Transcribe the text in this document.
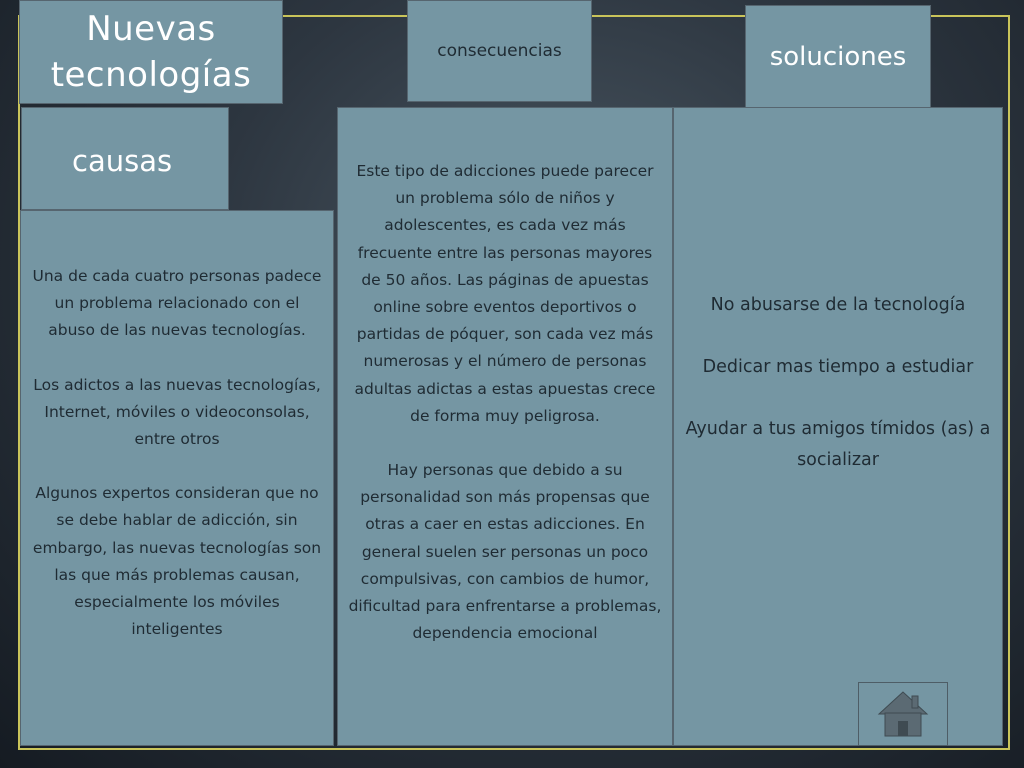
Nuevas tecnologías
consecuencias	soluciones
causas

Una de cada cuatro personas padece un problema relacionado con el abuso de las nuevas tecnologías.

Los adictos a las nuevas tecnologías, Internet, móviles o videoconsolas, entre otros

Algunos expertos consideran que no se debe hablar de adicción, sin embargo, las nuevas tecnologías son las que más problemas causan, especialmente los móviles inteligentes

Este tipo de adicciones puede parecer un problema sólo de niños y adolescentes, es cada vez más frecuente entre las personas mayores de 50 años. Las páginas de apuestas online sobre eventos deportivos o partidas de póquer, son cada vez más numerosas y el número de personas adultas adictas a estas apuestas crece de forma muy peligrosa.

Hay personas que debido a su personalidad son más propensas que otras a caer en estas adicciones. En general suelen ser personas un poco compulsivas, con cambios de humor, dificultad para enfrentarse a problemas, dependencia emocional

No abusarse de la tecnología

Dedicar mas tiempo a estudiar

Ayudar a tus amigos tímidos (as) a socializar
